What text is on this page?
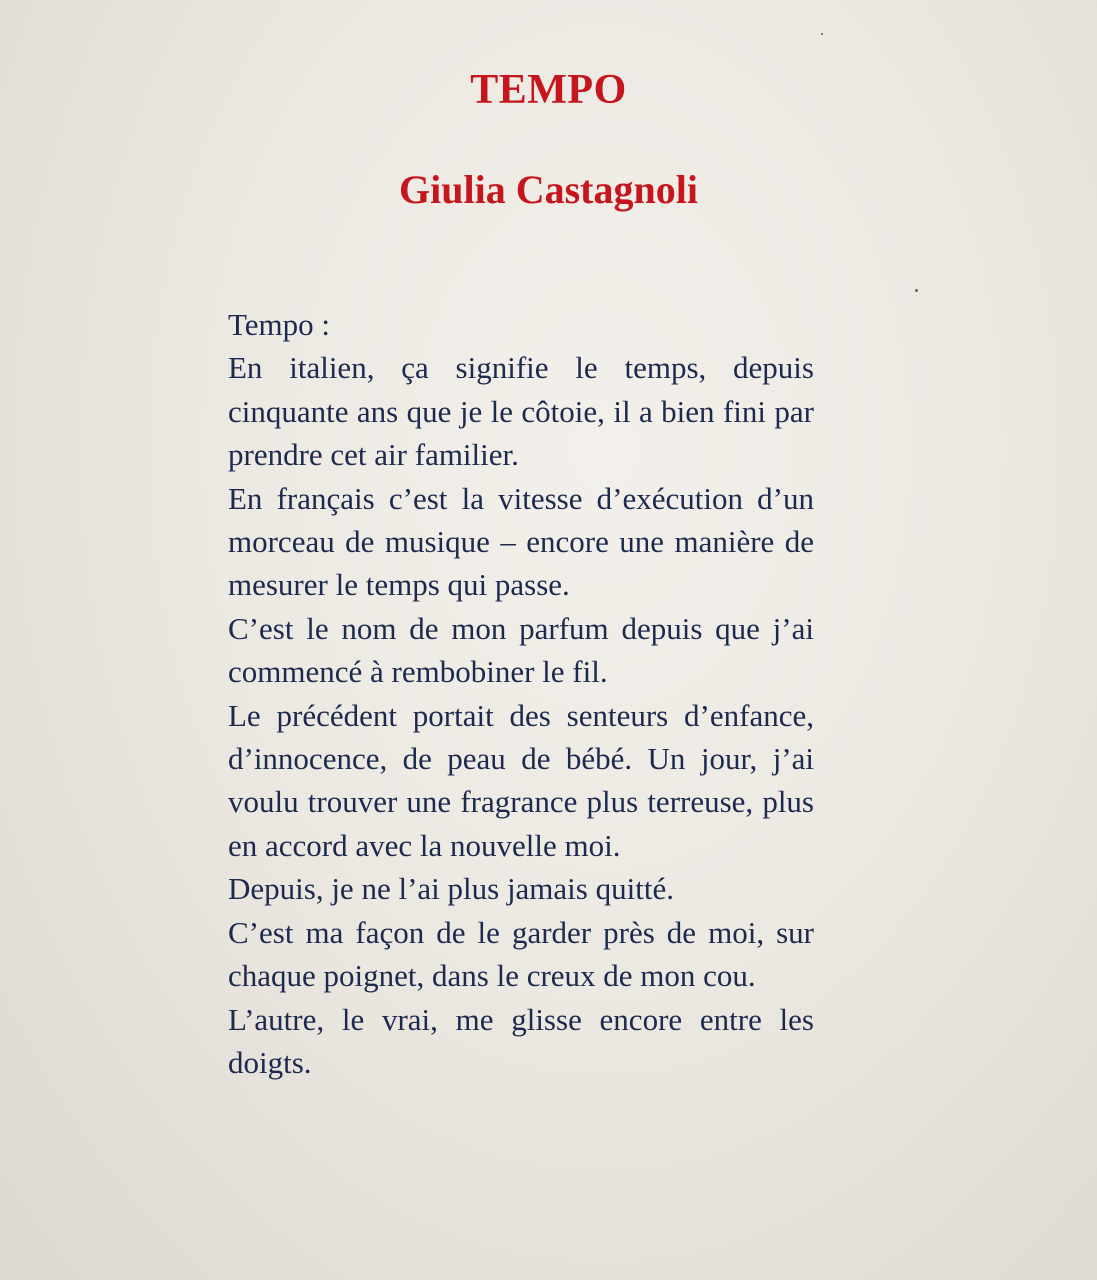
TEMPO
Giulia Castagnoli

Tempo :

En italien, ça signifie le temps, depuis cinquante ans que je le côtoie, il a bien fini par prendre cet air familier.

En français c’est la vitesse d’exécution d’un morceau de musique – encore une manière de mesurer le temps qui passe.

C’est le nom de mon parfum depuis que j’ai commencé à rembobiner le fil.

Le précédent portait des senteurs d’enfance, d’innocence, de peau de bébé. Un jour, j’ai voulu trouver une fragrance plus terreuse, plus en accord avec la nouvelle moi.

Depuis, je ne l’ai plus jamais quitté.

C’est ma façon de le garder près de moi, sur chaque poignet, dans le creux de mon cou.

L’autre, le vrai, me glisse encore entre les doigts.
